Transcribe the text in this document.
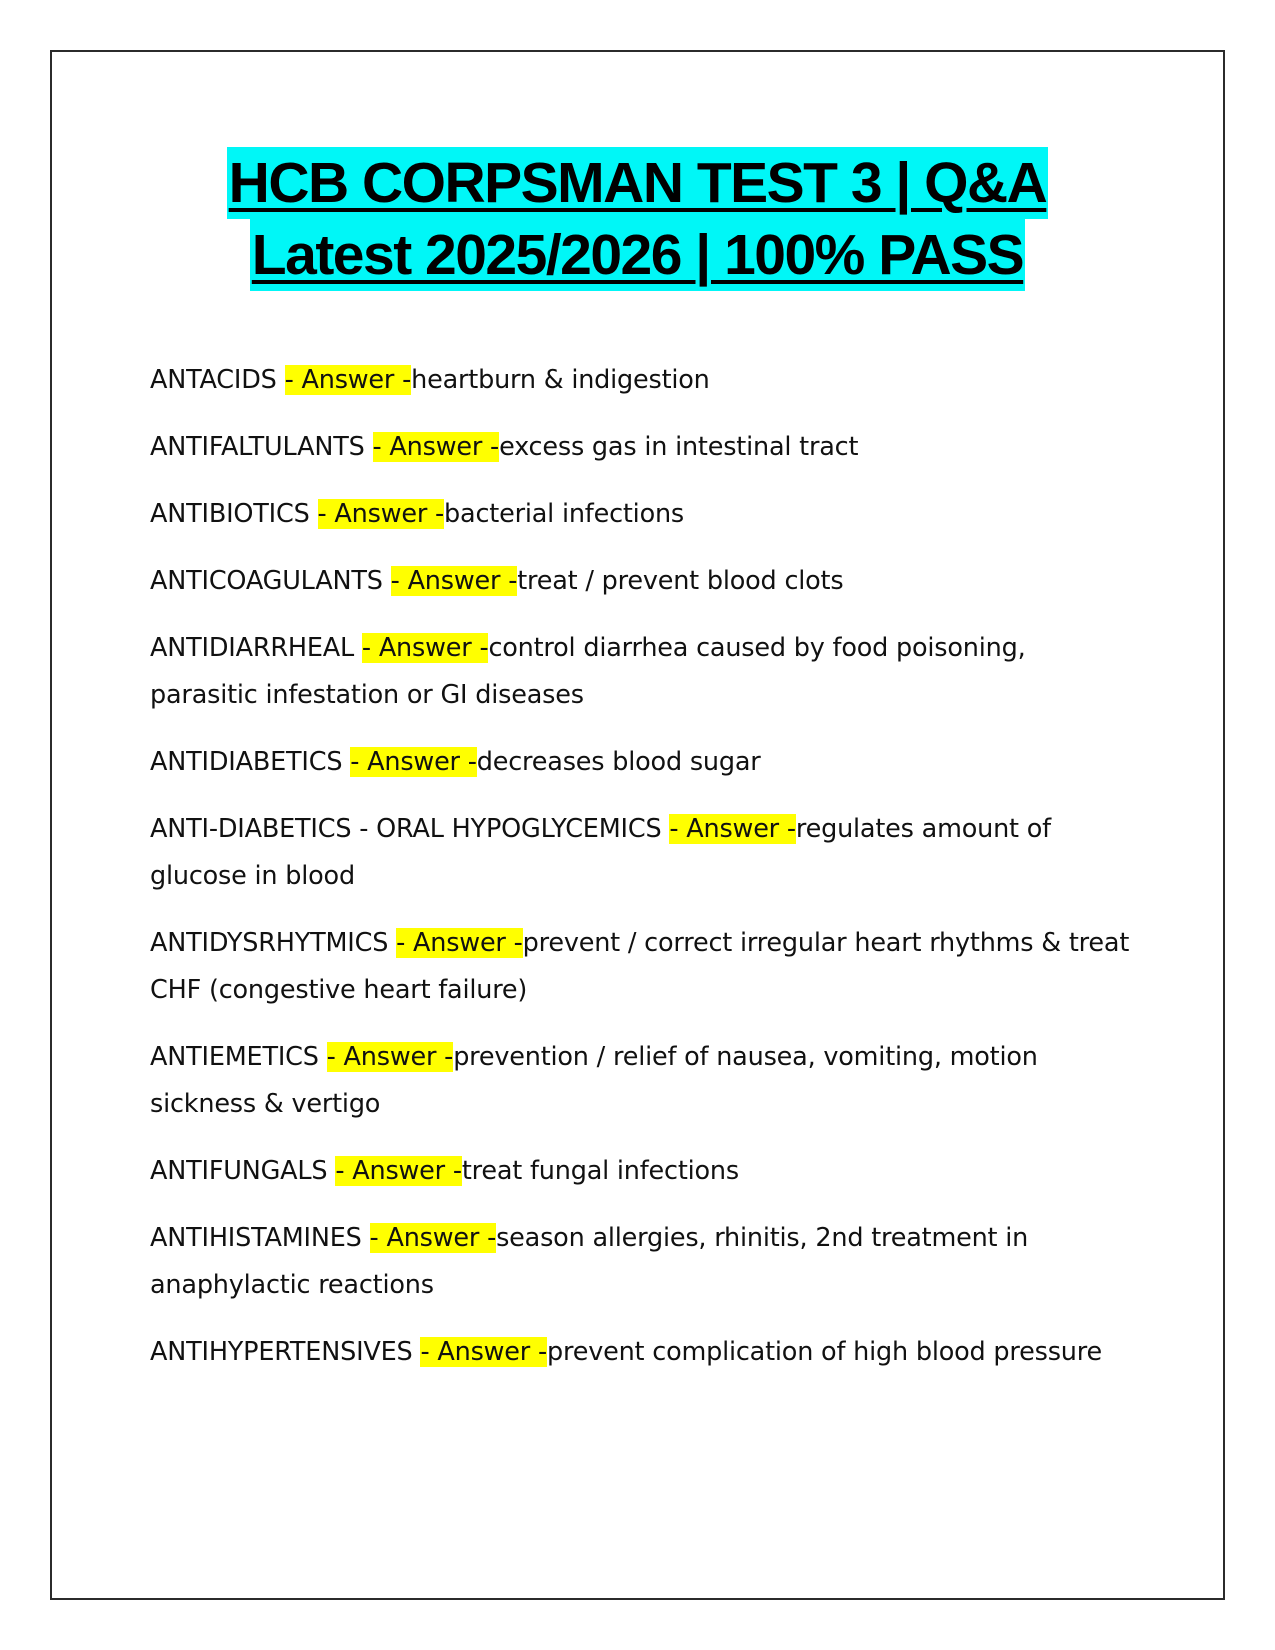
HCB CORPSMAN TEST 3 | Q&A
Latest 2025/2026 | 100% PASS
ANTACIDS - Answer -heartburn & indigestion
ANTIFALTULANTS - Answer -excess gas in intestinal tract
ANTIBIOTICS - Answer -bacterial infections
ANTICOAGULANTS - Answer -treat / prevent blood clots
ANTIDIARRHEAL - Answer -control diarrhea caused by food poisoning, parasitic infestation or GI diseases
ANTIDIABETICS - Answer -decreases blood sugar
ANTI-DIABETICS - ORAL HYPOGLYCEMICS - Answer -regulates amount of glucose in blood
ANTIDYSRHYTMICS - Answer -prevent / correct irregular heart rhythms & treat CHF (congestive heart failure)
ANTIEMETICS - Answer -prevention / relief of nausea, vomiting, motion sickness & vertigo
ANTIFUNGALS - Answer -treat fungal infections
ANTIHISTAMINES - Answer -season allergies, rhinitis, 2nd treatment in anaphylactic reactions
ANTIHYPERTENSIVES - Answer -prevent complication of high blood pressure
